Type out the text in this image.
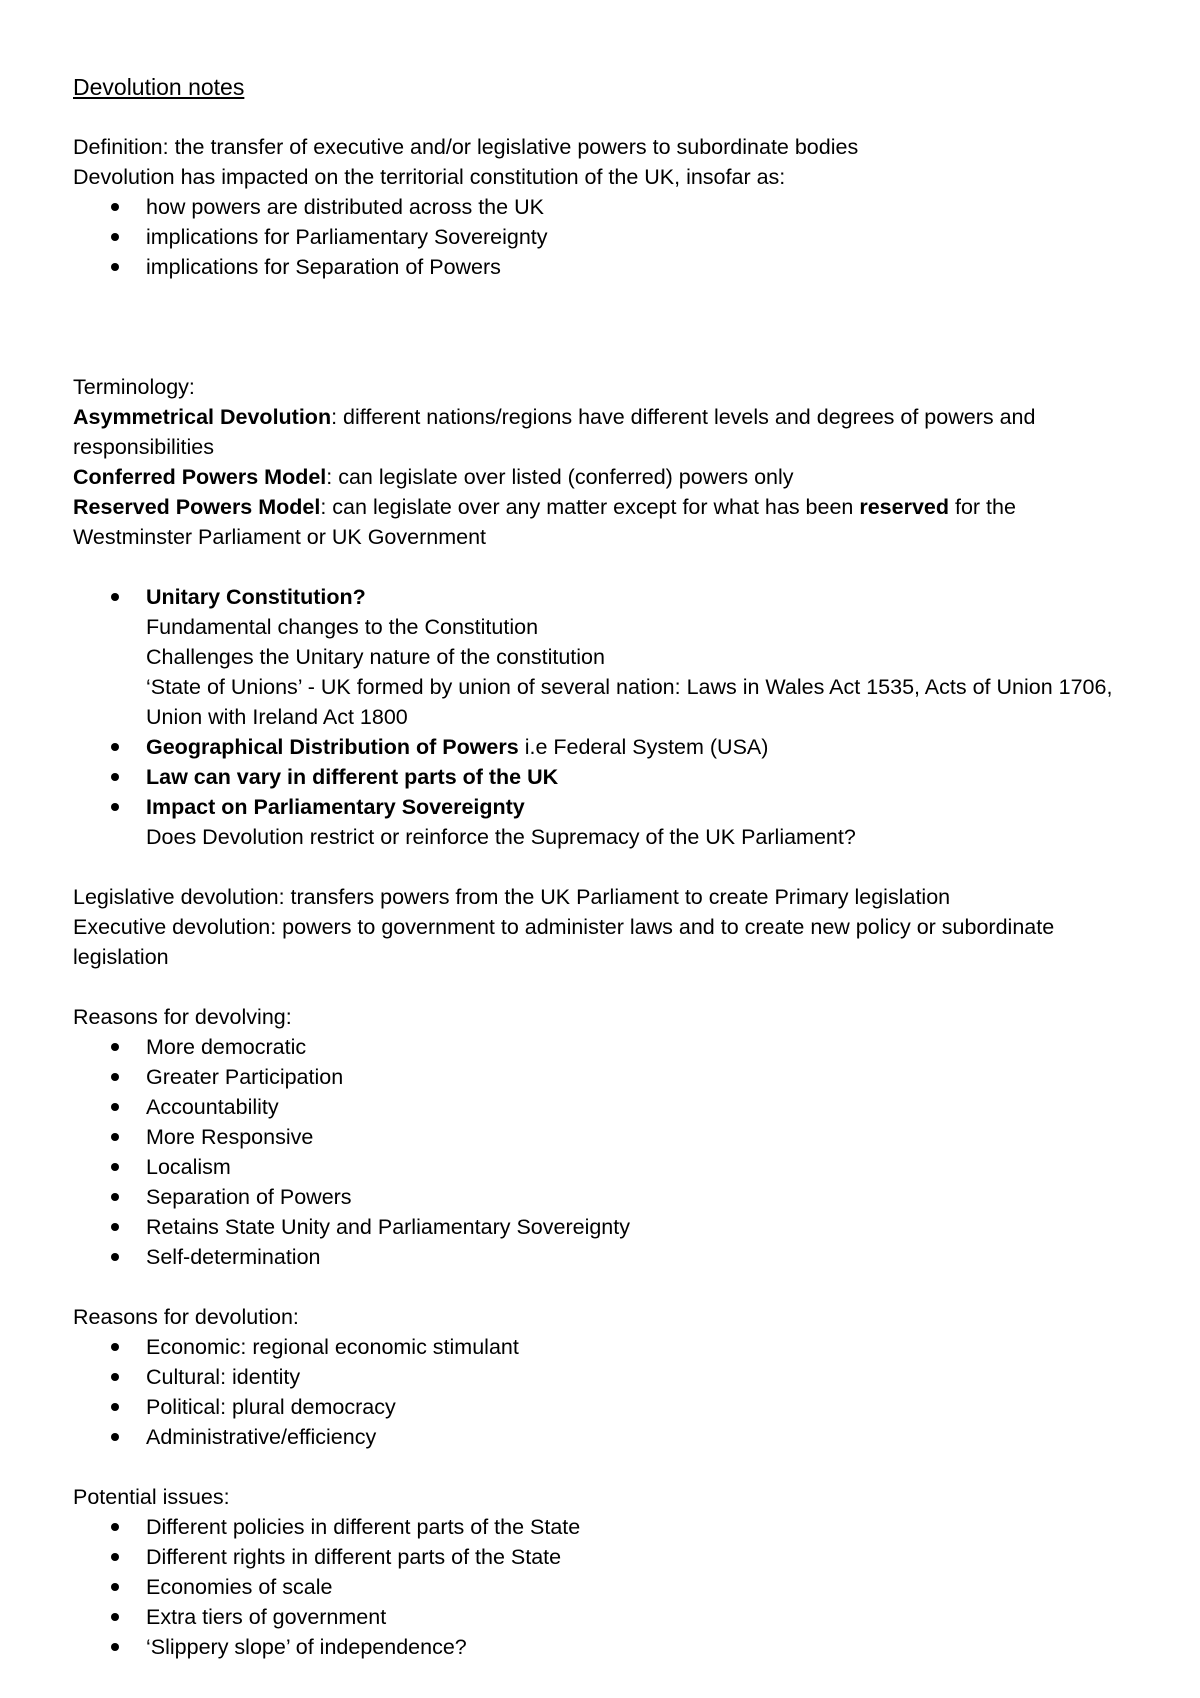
Devolution notes

Definition: the transfer of executive and/or legislative powers to subordinate bodies

Devolution has impacted on the territorial constitution of the UK, insofar as:

how powers are distributed across the UK
implications for Parliamentary Sovereignty
implications for Separation of Powers

Terminology:

Asymmetrical Devolution: different nations/regions have different levels and degrees of powers and responsibilities

Conferred Powers Model: can legislate over listed (conferred) powers only

Reserved Powers Model: can legislate over any matter except for what has been reserved for the Westminster Parliament or UK Government

Unitary Constitution?
Fundamental changes to the Constitution
Challenges the Unitary nature of the constitution
‘State of Unions’ - UK formed by union of several nation: Laws in Wales Act 1535, Acts of Union 1706, Union with Ireland Act 1800
Geographical Distribution of Powers i.e Federal System (USA)
Law can vary in different parts of the UK
Impact on Parliamentary Sovereignty
Does Devolution restrict or reinforce the Supremacy of the UK Parliament?

Legislative devolution: transfers powers from the UK Parliament to create Primary legislation

Executive devolution: powers to government to administer laws and to create new policy or subordinate legislation

Reasons for devolving:

More democratic
Greater Participation
Accountability
More Responsive
Localism
Separation of Powers
Retains State Unity and Parliamentary Sovereignty
Self-determination

Reasons for devolution:

Economic: regional economic stimulant
Cultural: identity
Political: plural democracy
Administrative/efficiency

Potential issues:

Different policies in different parts of the State
Different rights in different parts of the State
Economies of scale
Extra tiers of government
‘Slippery slope’ of independence?
